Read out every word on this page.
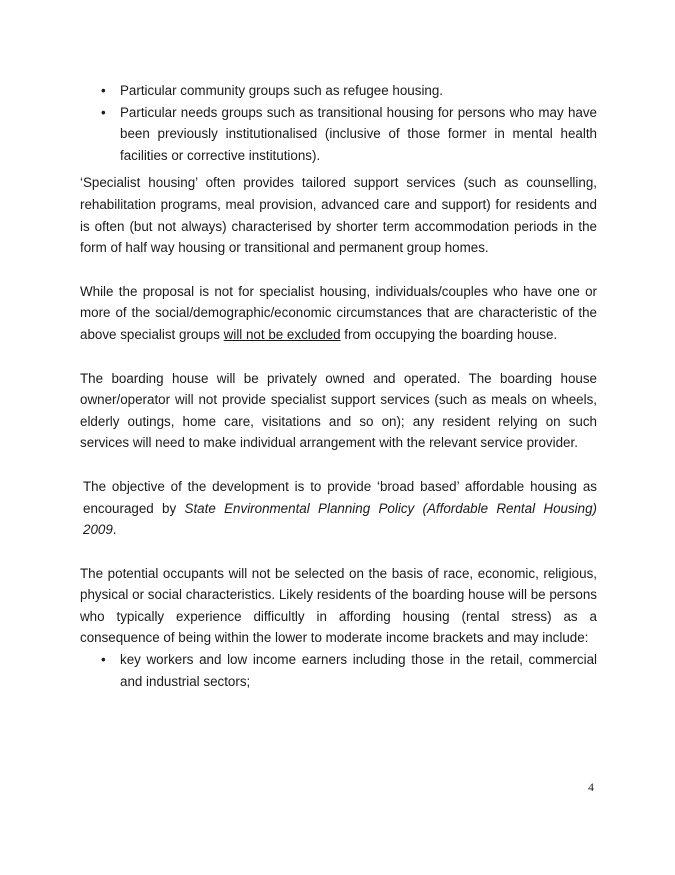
• Particular community groups such as refugee housing.
• Particular needs groups such as transitional housing for persons who may have been previously institutionalised (inclusive of those former in mental health facilities or corrective institutions).

‘Specialist housing’ often provides tailored support services (such as counselling, rehabilitation programs, meal provision, advanced care and support) for residents and is often (but not always) characterised by shorter term accommodation periods in the form of half way housing or transitional and permanent group homes.

While the proposal is not for specialist housing, individuals/couples who have one or more of the social/demographic/economic circumstances that are characteristic of the above specialist groups will not be excluded from occupying the boarding house.

The boarding house will be privately owned and operated. The boarding house owner/operator will not provide specialist support services (such as meals on wheels, elderly outings, home care, visitations and so on); any resident relying on such services will need to make individual arrangement with the relevant service provider.

The objective of the development is to provide ‘broad based’ affordable housing as encouraged by State Environmental Planning Policy (Affordable Rental Housing) 2009.

The potential occupants will not be selected on the basis of race, economic, religious, physical or social characteristics. Likely residents of the boarding house will be persons who typically experience difficultly in affording housing (rental stress) as a consequence of being within the lower to moderate income brackets and may include:

• key workers and low income earners including those in the retail, commercial and industrial sectors;
4
